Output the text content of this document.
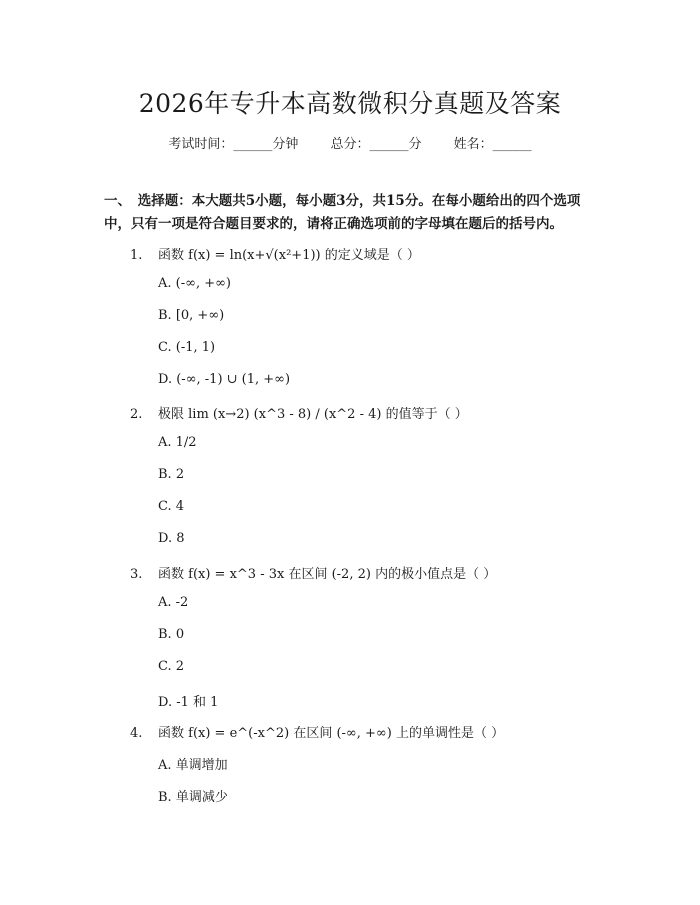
2026年专升本高数微积分真题及答案
考试时间：______分钟 总分：______分 姓名：______
一、　选择题：本大题共5小题，每小题3分，共15分。在每小题给出的四个选项中，只有一项是符合题目要求的，请将正确选项前的字母填在题后的括号内。
1. 函数 f(x) = ln(x+√(x²+1)) 的定义域是（ ）
A. (-∞, +∞)
B. [0, +∞)
C. (-1, 1)
D. (-∞, -1) ∪ (1, +∞)
2. 极限 lim (x→2) (x^3 - 8) / (x^2 - 4) 的值等于（ ）
A. 1/2
B. 2
C. 4
D. 8
3. 函数 f(x) = x^3 - 3x 在区间 (-2, 2) 内的极小值点是（ ）
A. -2
B. 0
C. 2
D. -1 和 1
4. 函数 f(x) = e^(-x^2) 在区间 (-∞, +∞) 上的单调性是（ ）
A. 单调增加
B. 单调减少
